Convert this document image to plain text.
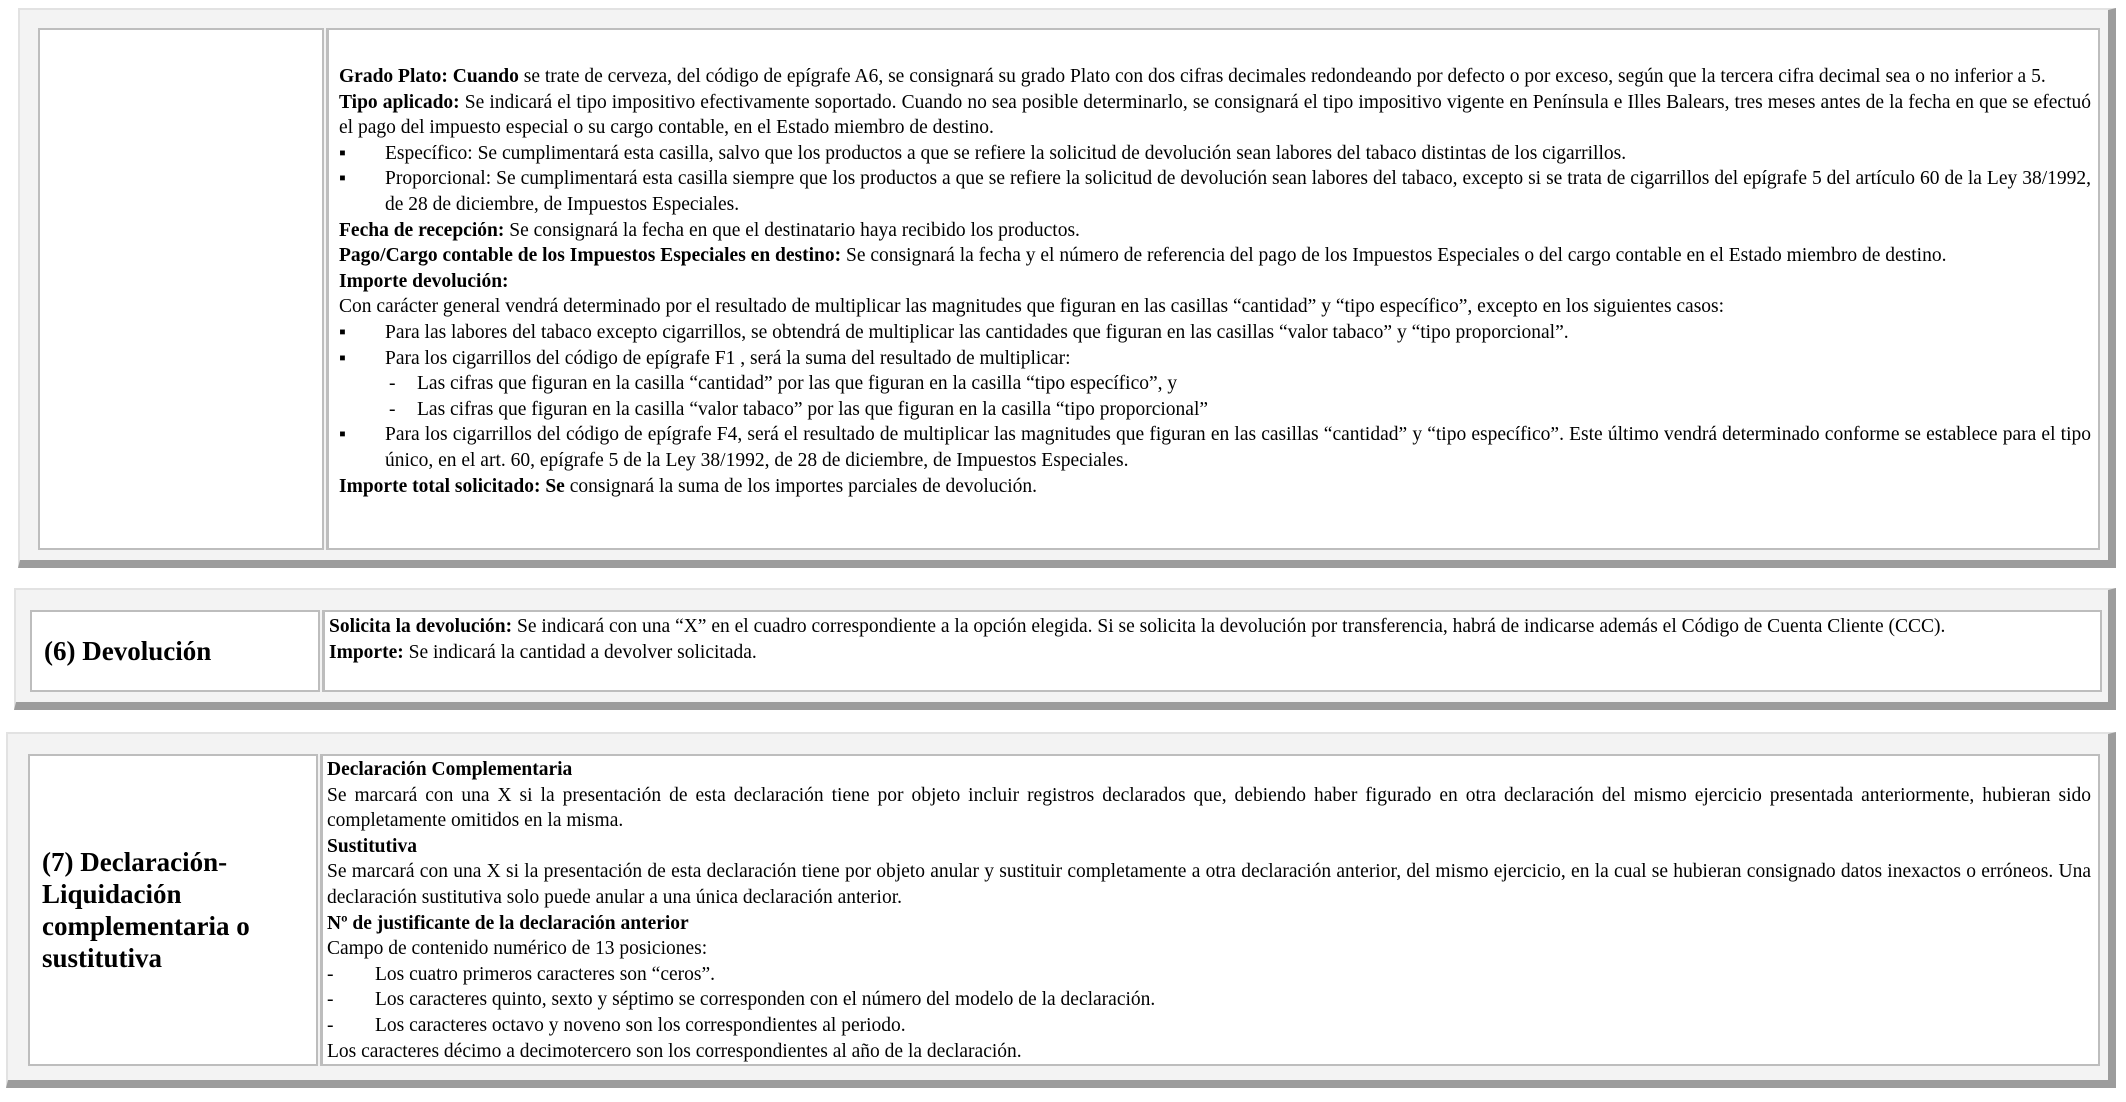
Grado Plato: Cuando se trate de cerveza, del código de epígrafe A6, se consignará su grado Plato con dos cifras decimales redondeando por defecto o por exceso, según que la tercera cifra decimal sea o no inferior a 5.

Tipo aplicado: Se indicará el tipo impositivo efectivamente soportado. Cuando no sea posible determinarlo, se consignará el tipo impositivo vigente en Península e Illes Balears, tres meses antes de la fecha en que se efectuó el pago del impuesto especial o su cargo contable, en el Estado miembro de destino.

▪ Específico: Se cumplimentará esta casilla, salvo que los productos a que se refiere la solicitud de devolución sean labores del tabaco distintas de los cigarrillos.

▪ Proporcional: Se cumplimentará esta casilla siempre que los productos a que se refiere la solicitud de devolución sean labores del tabaco, excepto si se trata de cigarrillos del epígrafe 5 del artículo 60 de la Ley 38/1992, de 28 de diciembre, de Impuestos Especiales.

Fecha de recepción: Se consignará la fecha en que el destinatario haya recibido los productos.

Pago/Cargo contable de los Impuestos Especiales en destino: Se consignará la fecha y el número de referencia del pago de los Impuestos Especiales o del cargo contable en el Estado miembro de destino.

Importe devolución:

Con carácter general vendrá determinado por el resultado de multiplicar las magnitudes que figuran en las casillas “cantidad” y “tipo específico”, excepto en los siguientes casos:

▪ Para las labores del tabaco excepto cigarrillos, se obtendrá de multiplicar las cantidades que figuran en las casillas “valor tabaco” y “tipo proporcional”.

▪ Para los cigarrillos del código de epígrafe F1 , será la suma del resultado de multiplicar:

- Las cifras que figuran en la casilla “cantidad” por las que figuran en la casilla “tipo específico”, y

- Las cifras que figuran en la casilla “valor tabaco” por las que figuran en la casilla “tipo proporcional”

▪ Para los cigarrillos del código de epígrafe F4, será el resultado de multiplicar las magnitudes que figuran en las casillas “cantidad” y “tipo específico”. Este último vendrá determinado conforme se establece para el tipo único, en el art. 60, epígrafe 5 de la Ley 38/1992, de 28 de diciembre, de Impuestos Especiales.

Importe total solicitado: Se consignará la suma de los importes parciales de devolución.

(6) Devolución

Solicita la devolución: Se indicará con una “X” en el cuadro correspondiente a la opción elegida. Si se solicita la devolución por transferencia, habrá de indicarse además el Código de Cuenta Cliente (CCC).

Importe: Se indicará la cantidad a devolver solicitada.

(7) Declaración-Liquidación complementaria o sustitutiva

Declaración Complementaria

Se marcará con una X si la presentación de esta declaración tiene por objeto incluir registros declarados que, debiendo haber figurado en otra declaración del mismo ejercicio presentada anteriormente, hubieran sido completamente omitidos en la misma.

Sustitutiva

Se marcará con una X si la presentación de esta declaración tiene por objeto anular y sustituir completamente a otra declaración anterior, del mismo ejercicio, en la cual se hubieran consignado datos inexactos o erróneos. Una declaración sustitutiva solo puede anular a una única declaración anterior.

Nº de justificante de la declaración anterior

Campo de contenido numérico de 13 posiciones:

- Los cuatro primeros caracteres son “ceros”.

- Los caracteres quinto, sexto y séptimo se corresponden con el número del modelo de la declaración.

- Los caracteres octavo y noveno son los correspondientes al periodo.

Los caracteres décimo a decimotercero son los correspondientes al año de la declaración.
